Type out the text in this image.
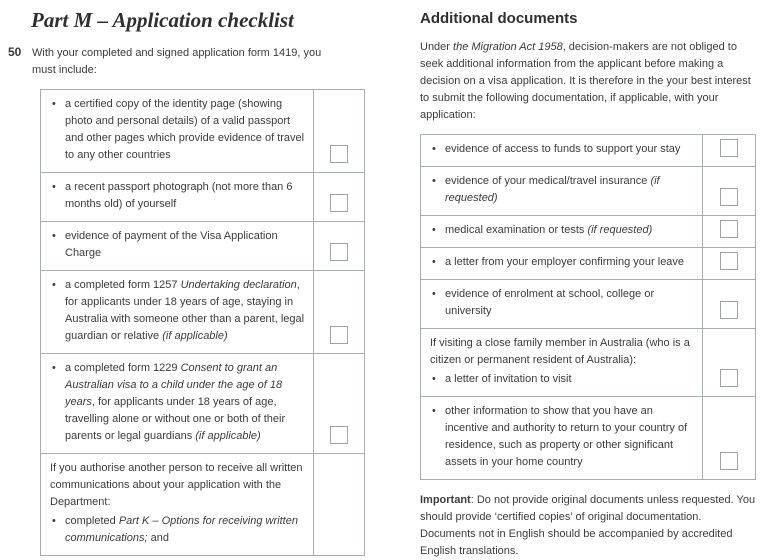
Part M – Application checklist
50 With your completed and signed application form 1419, you must include:

• a certified copy of the identity page (showing photo and personal details) of a valid passport and other pages which provide evidence of travel to any other countries
• a recent passport photograph (not more than 6 months old) of yourself
• evidence of payment of the Visa Application Charge
• a completed form 1257 Undertaking declaration, for applicants under 18 years of age, staying in Australia with someone other than a parent, legal guardian or relative (if applicable)
• a completed form 1229 Consent to grant an Australian visa to a child under the age of 18 years, for applicants under 18 years of age, travelling alone or without one or both of their parents or legal guardians (if applicable)
If you authorise another person to receive all written communications about your application with the Department:
• completed Part K – Options for receiving written communications; and
Additional documents

Under the Migration Act 1958, decision-makers are not obliged to seek additional information from the applicant before making a decision on a visa application. It is therefore in the your best interest to submit the following documentation, if applicable, with your application:

• evidence of access to funds to support your stay
• evidence of your medical/travel insurance (if requested)
• medical examination or tests (if requested)
• a letter from your employer confirming your leave
• evidence of enrolment at school, college or university
If visiting a close family member in Australia (who is a citizen or permanent resident of Australia):
• a letter of invitation to visit
• other information to show that you have an incentive and authority to return to your country of residence, such as property or other significant assets in your home country

Important: Do not provide original documents unless requested. You should provide ‘certified copies’ of original documentation. Documents not in English should be accompanied by accredited English translations.
